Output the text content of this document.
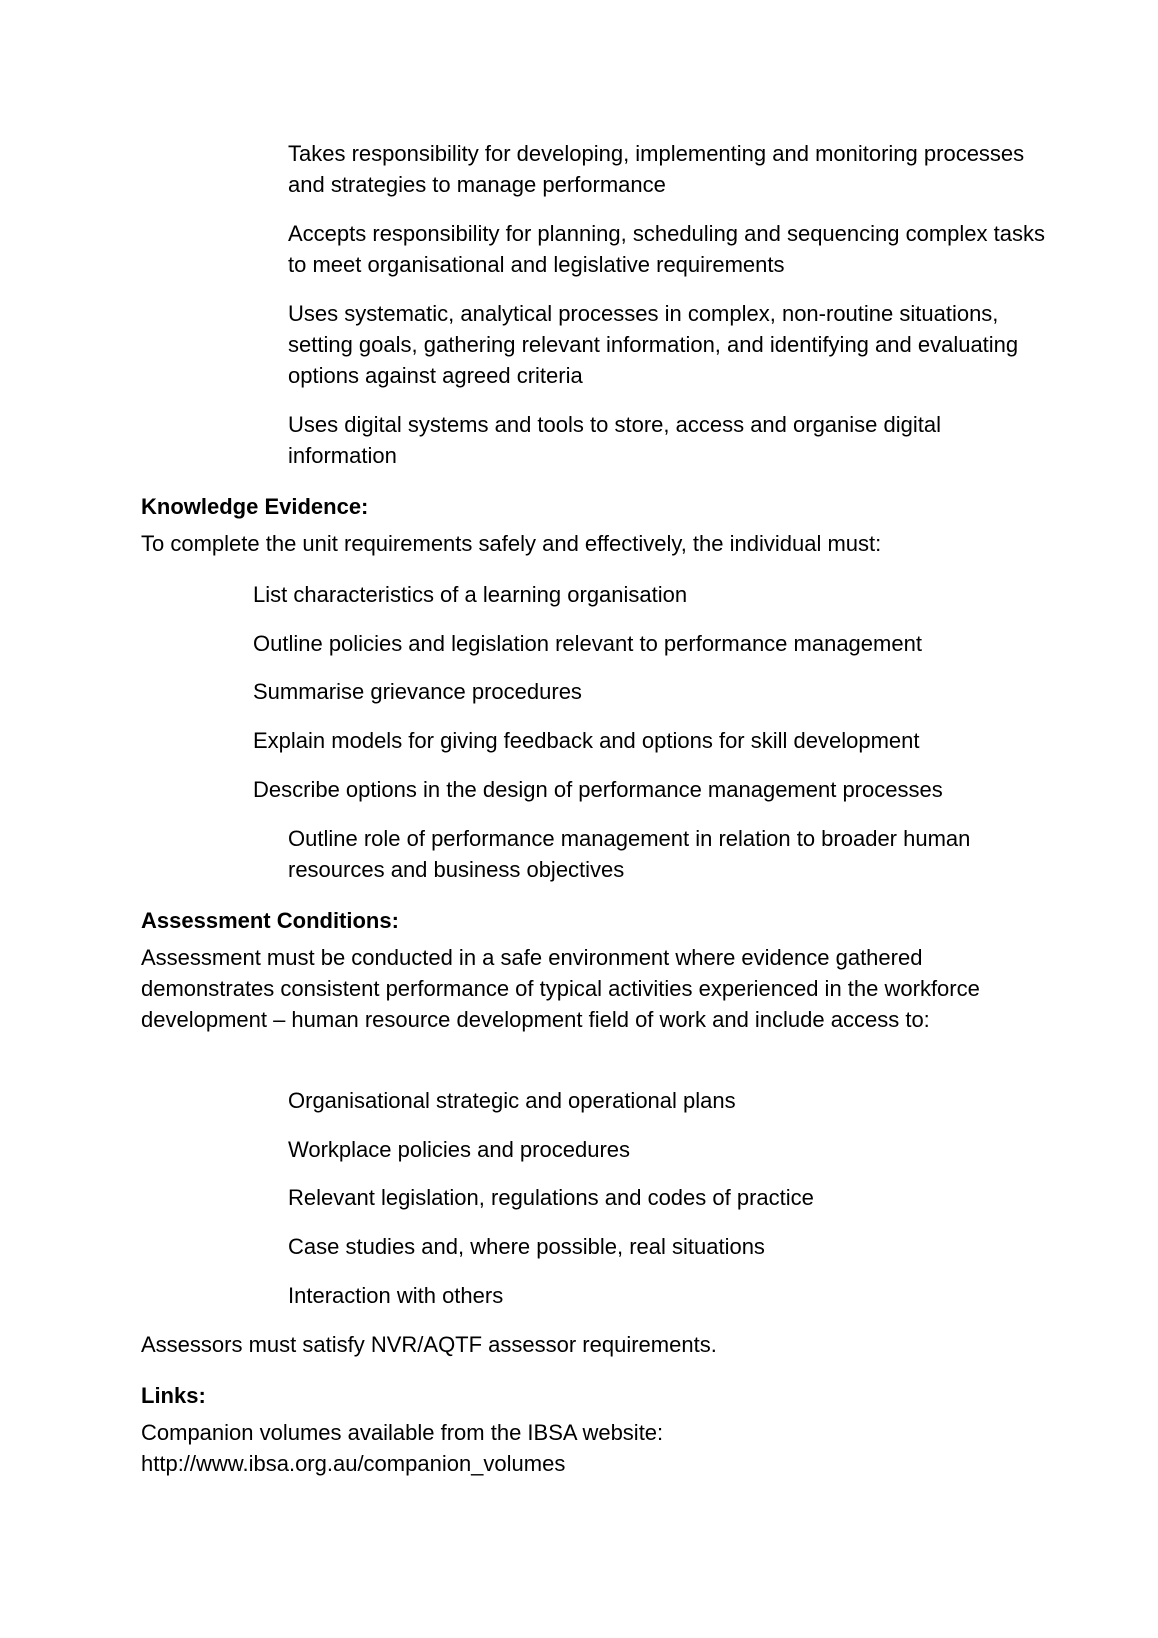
Takes responsibility for developing, implementing and monitoring processes and strategies to manage performance

Accepts responsibility for planning, scheduling and sequencing complex tasks to meet organisational and legislative requirements

Uses systematic, analytical processes in complex, non-routine situations, setting goals, gathering relevant information, and identifying and evaluating options against agreed criteria

Uses digital systems and tools to store, access and organise digital information

Knowledge Evidence:

To complete the unit requirements safely and effectively, the individual must:

List characteristics of a learning organisation

Outline policies and legislation relevant to performance management

Summarise grievance procedures

Explain models for giving feedback and options for skill development

Describe options in the design of performance management processes

Outline role of performance management in relation to broader human resources and business objectives

Assessment Conditions:

Assessment must be conducted in a safe environment where evidence gathered demonstrates consistent performance of typical activities experienced in the workforce development – human resource development field of work and include access to:

Organisational strategic and operational plans

Workplace policies and procedures

Relevant legislation, regulations and codes of practice

Case studies and, where possible, real situations

Interaction with others

Assessors must satisfy NVR/AQTF assessor requirements.

Links:

Companion volumes available from the IBSA website:
http://www.ibsa.org.au/companion_volumes
